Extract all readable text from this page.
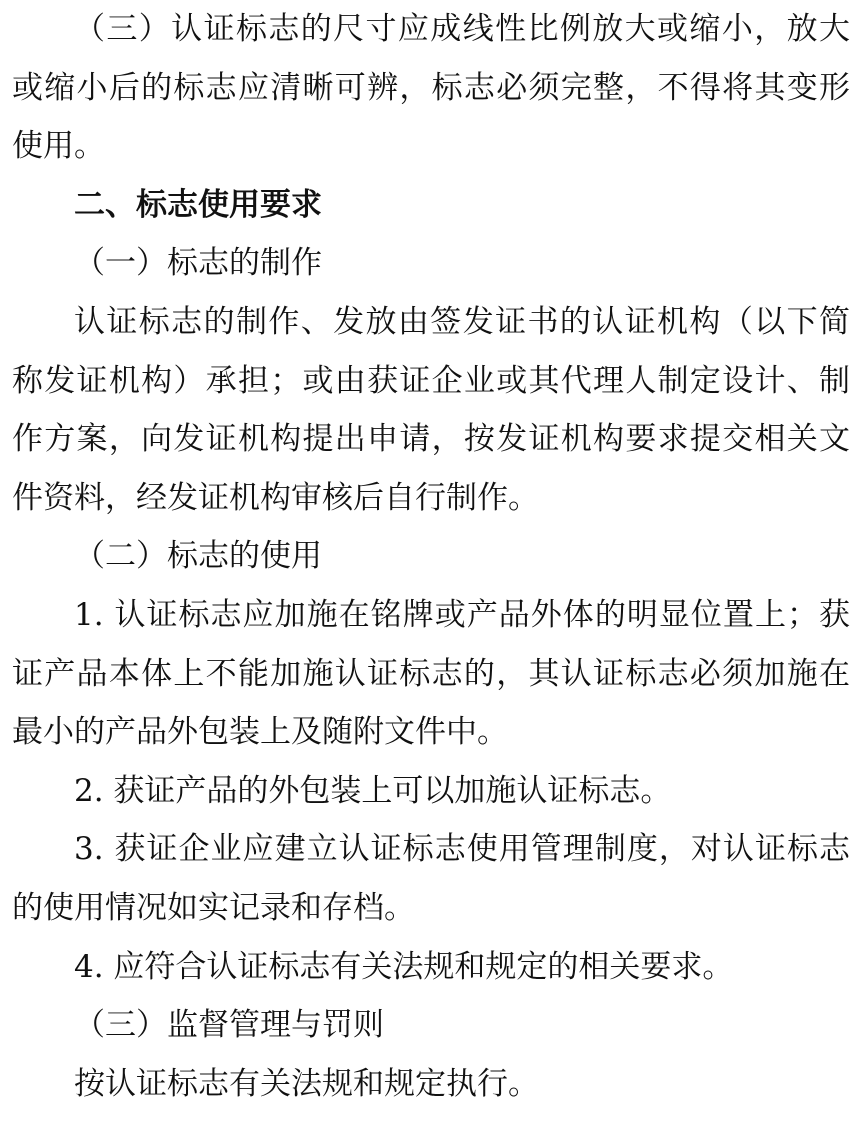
（三）认证标志的尺寸应成线性比例放大或缩小，放大
或缩小后的标志应清晰可辨，标志必须完整，不得将其变形
使用。
二、标志使用要求
（一）标志的制作
认证标志的制作、发放由签发证书的认证机构（以下简
称发证机构）承担；或由获证企业或其代理人制定设计、制
作方案，向发证机构提出申请，按发证机构要求提交相关文
件资料，经发证机构审核后自行制作。
（二）标志的使用
1. 认证标志应加施在铭牌或产品外体的明显位置上；获
证产品本体上不能加施认证标志的，其认证标志必须加施在
最小的产品外包装上及随附文件中。
2. 获证产品的外包装上可以加施认证标志。
3. 获证企业应建立认证标志使用管理制度，对认证标志
的使用情况如实记录和存档。
4. 应符合认证标志有关法规和规定的相关要求。
（三）监督管理与罚则
按认证标志有关法规和规定执行。
